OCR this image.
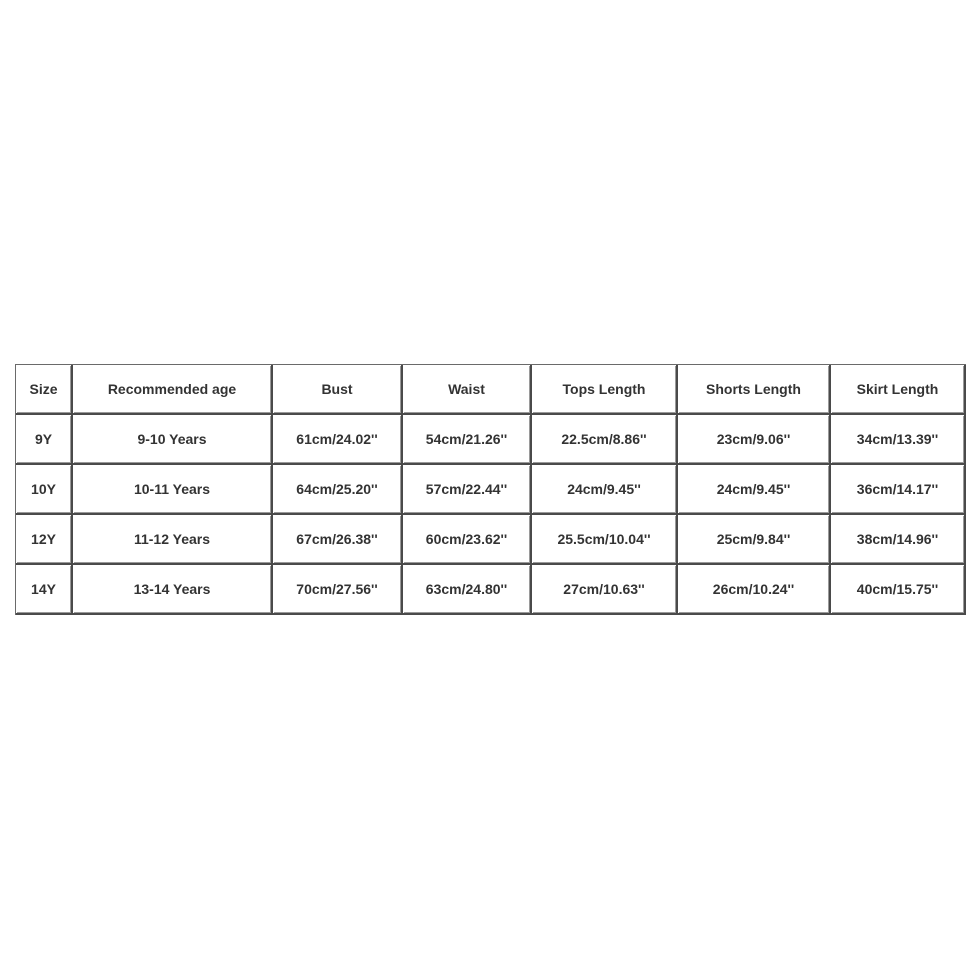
Size	Recommended age	Bust	Waist	Tops Length	Shorts Length	Skirt Length
9Y	9-10 Years	61cm/24.02''	54cm/21.26''	22.5cm/8.86''	23cm/9.06''	34cm/13.39''
10Y	10-11 Years	64cm/25.20''	57cm/22.44''	24cm/9.45''	24cm/9.45''	36cm/14.17''
12Y	11-12 Years	67cm/26.38''	60cm/23.62''	25.5cm/10.04''	25cm/9.84''	38cm/14.96''
14Y	13-14 Years	70cm/27.56''	63cm/24.80''	27cm/10.63''	26cm/10.24''	40cm/15.75''
